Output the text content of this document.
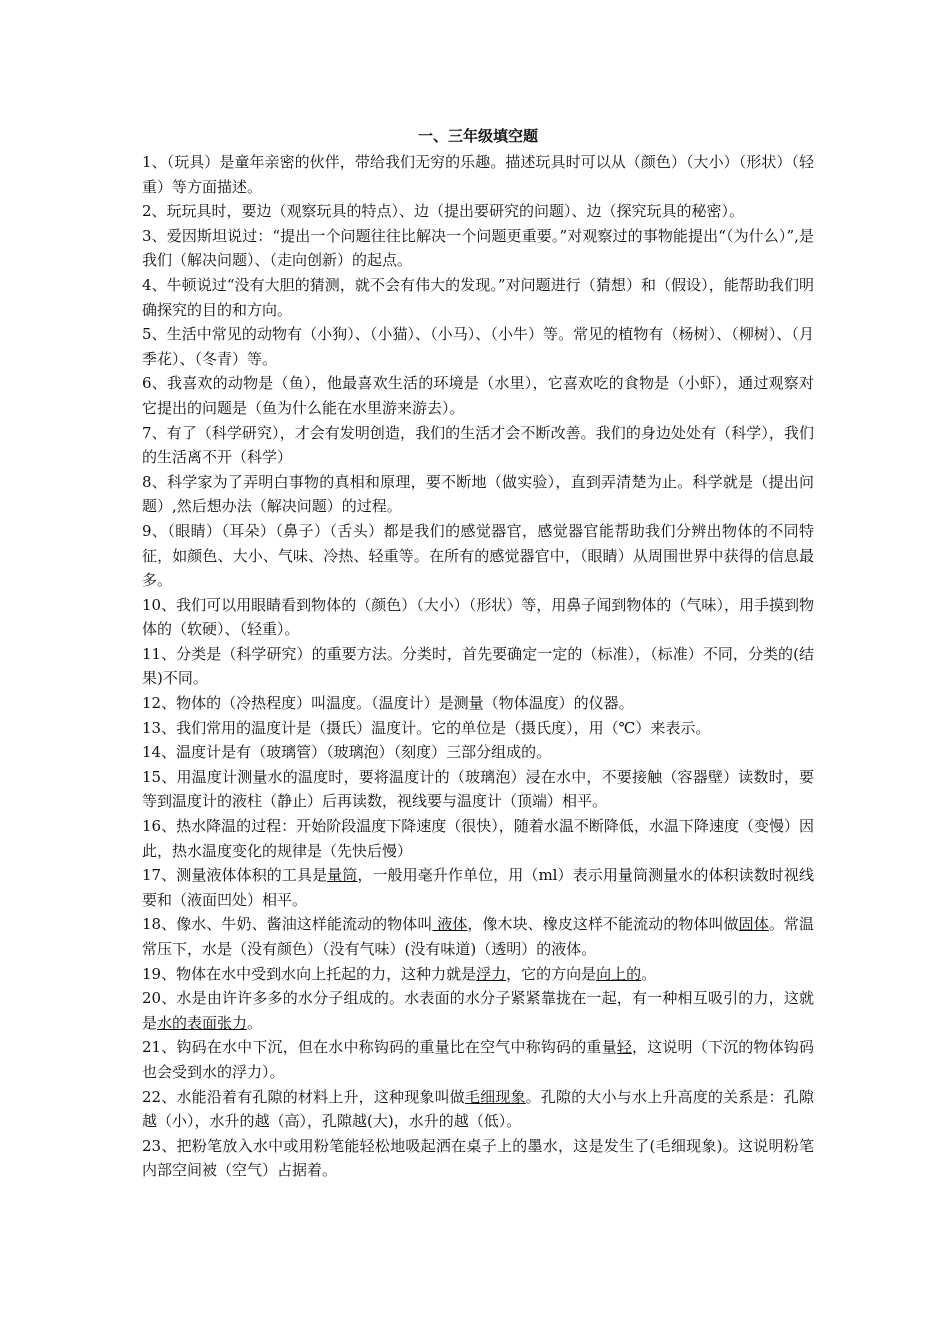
一、三年级填空题

1、（玩具）是童年亲密的伙伴，带给我们无穷的乐趣。描述玩具时可以从（颜色）（大小）（形状）（轻重）等方面描述。

2、玩玩具时，要边（观察玩具的特点）、边（提出要研究的问题）、边（探究玩具的秘密）。

3、爱因斯坦说过：“提出一个问题往往比解决一个问题更重要。”对观察过的事物能提出“（为什么）”,是我们（解决问题）、（走向创新）的起点。

4、牛顿说过“没有大胆的猜测，就不会有伟大的发现。”对问题进行（猜想）和（假设），能帮助我们明确探究的目的和方向。

5、生活中常见的动物有（小狗）、（小猫）、（小马）、（小牛）等。常见的植物有（杨树）、（柳树）、（月季花）、（冬青）等。

6、我喜欢的动物是（鱼），他最喜欢生活的环境是（水里），它喜欢吃的食物是（小虾），通过观察对它提出的问题是（鱼为什么能在水里游来游去）。

7、有了（科学研究），才会有发明创造，我们的生活才会不断改善。我们的身边处处有（科学），我们的生活离不开（科学）

8、科学家为了弄明白事物的真相和原理，要不断地（做实验），直到弄清楚为止。科学就是（提出问题）,然后想办法（解决问题）的过程。

9、（眼睛）（耳朵）（鼻子）（舌头）都是我们的感觉器官，感觉器官能帮助我们分辨出物体的不同特征，如颜色、大小、气味、冷热、轻重等。在所有的感觉器官中，（眼睛）从周围世界中获得的信息最多。

10、我们可以用眼睛看到物体的（颜色）（大小）（形状）等，用鼻子闻到物体的（气味），用手摸到物体的（软硬）、（轻重）。

11、分类是（科学研究）的重要方法。分类时，首先要确定一定的（标准），（标准）不同，分类的(结果)不同。

12、物体的（冷热程度）叫温度。（温度计）是测量（物体温度）的仪器。

13、我们常用的温度计是（摄氏）温度计。它的单位是（摄氏度），用（℃）来表示。

14、温度计是有（玻璃管）（玻璃泡）（刻度）三部分组成的。

15、用温度计测量水的温度时，要将温度计的（玻璃泡）浸在水中，不要接触（容器壁）读数时，要等到温度计的液柱（静止）后再读数，视线要与温度计（顶端）相平。

16、热水降温的过程：开始阶段温度下降速度（很快），随着水温不断降低，水温下降速度（变慢）因此，热水温度变化的规律是（先快后慢）

17、测量液体体积的工具是量筒，一般用毫升作单位，用（ml）表示用量筒测量水的体积读数时视线要和（液面凹处）相平。

18、像水、牛奶、酱油这样能流动的物体叫 液体，像木块、橡皮这样不能流动的物体叫做固体。常温常压下，水是（没有颜色）（没有气味）(没有味道)（透明）的液体。

19、物体在水中受到水向上托起的力，这种力就是浮力，它的方向是向上的。

20、水是由许许多多的水分子组成的。水表面的水分子紧紧靠拢在一起，有一种相互吸引的力，这就是水的表面张力。

21、钩码在水中下沉，但在水中称钩码的重量比在空气中称钩码的重量轻，这说明（下沉的物体钩码也会受到水的浮力）。

22、水能沿着有孔隙的材料上升，这种现象叫做毛细现象。孔隙的大小与水上升高度的关系是：孔隙越（小），水升的越（高），孔隙越(大)，水升的越（低）。

23、把粉笔放入水中或用粉笔能轻松地吸起洒在桌子上的墨水，这是发生了(毛细现象)。这说明粉笔内部空间被（空气）占据着。
